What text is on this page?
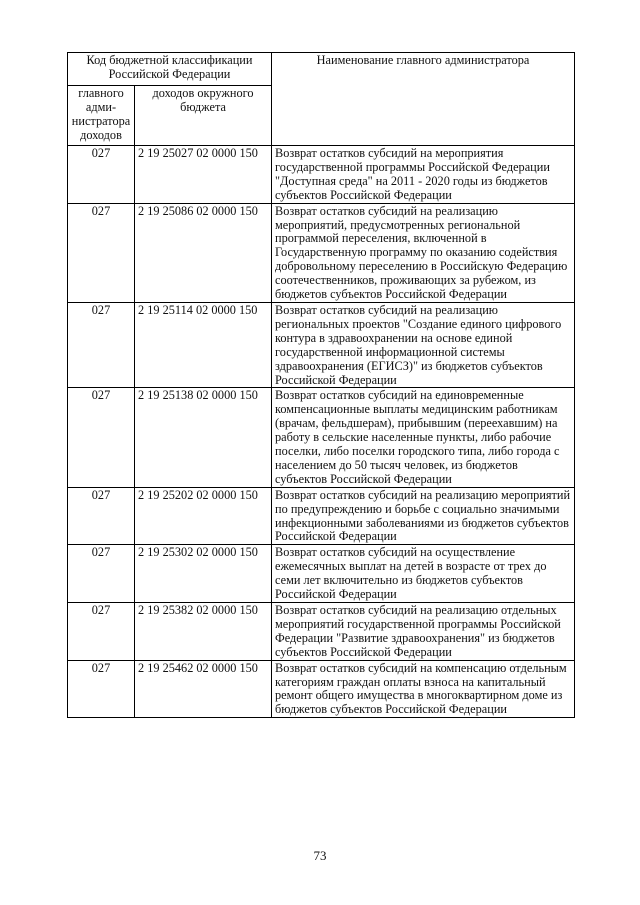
Код бюджетной классификации Российской Федерации		Наименование главного администратора
главного адми-нистратора доходов	доходов окружного бюджета	
027	2 19 25027 02 0000 150	Возврат остатков субсидий на мероприятия государственной программы Российской Федерации "Доступная среда" на 2011 - 2020 годы из бюджетов субъектов Российской Федерации
027	2 19 25086 02 0000 150	Возврат остатков субсидий на реализацию мероприятий, предусмотренных региональной программой переселения, включенной в Государственную программу по оказанию содействия добровольному переселению в Российскую Федерацию соотечественников, проживающих за рубежом, из бюджетов субъектов Российской Федерации
027	2 19 25114 02 0000 150	Возврат остатков субсидий на реализацию региональных проектов "Создание единого цифрового контура в здравоохранении на основе единой государственной информационной системы здравоохранения (ЕГИСЗ)" из бюджетов субъектов Российской Федерации
027	2 19 25138 02 0000 150	Возврат остатков субсидий на единовременные компенсационные выплаты медицинским работникам (врачам, фельдшерам), прибывшим (переехавшим) на работу в сельские населенные пункты, либо рабочие поселки, либо поселки городского типа, либо города с населением до 50 тысяч человек, из бюджетов субъектов Российской Федерации
027	2 19 25202 02 0000 150	Возврат остатков субсидий на реализацию мероприятий по предупреждению и борьбе с социально значимыми инфекционными заболеваниями из бюджетов субъектов Российской Федерации
027	2 19 25302 02 0000 150	Возврат остатков субсидий на осуществление ежемесячных выплат на детей в возрасте от трех до семи лет включительно из бюджетов субъектов Российской Федерации
027	2 19 25382 02 0000 150	Возврат остатков субсидий на реализацию отдельных мероприятий государственной программы Российской Федерации "Развитие здравоохранения" из бюджетов субъектов Российской Федерации
027	2 19 25462 02 0000 150	Возврат остатков субсидий на компенсацию отдельным категориям граждан оплаты взноса на капитальный ремонт общего имущества в многоквартирном доме из бюджетов субъектов Российской Федерации
73
